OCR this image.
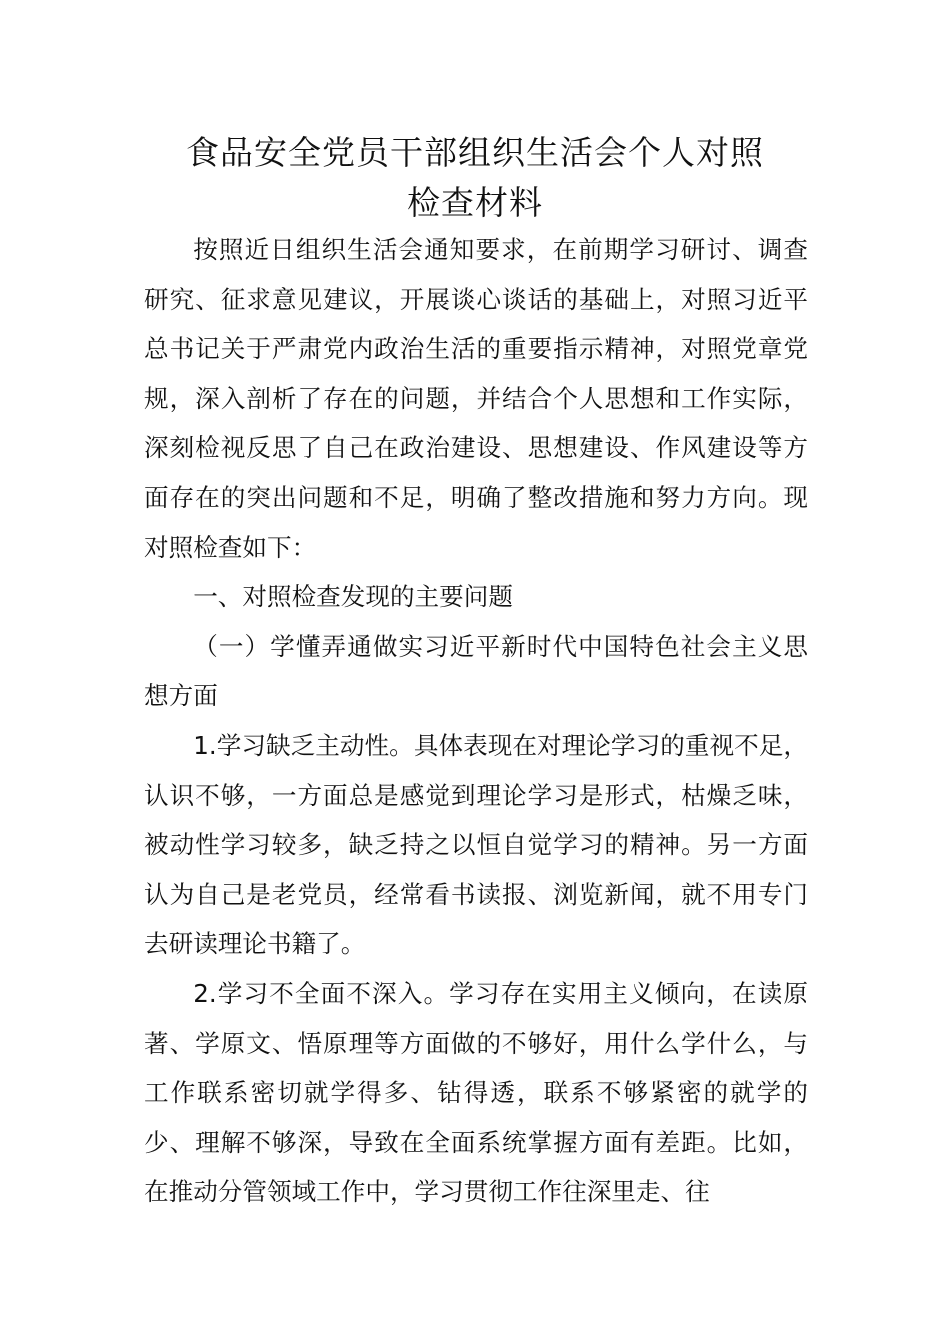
食品安全党员干部组织生活会个人对照
检查材料

按照近日组织生活会通知要求，在前期学习研讨、调查研究、征求意见建议，开展谈心谈话的基础上，对照习近平总书记关于严肃党内政治生活的重要指示精神，对照党章党规，深入剖析了存在的问题，并结合个人思想和工作实际，深刻检视反思了自己在政治建设、思想建设、作风建设等方面存在的突出问题和不足，明确了整改措施和努力方向。现对照检查如下：

一、对照检查发现的主要问题

（一）学懂弄通做实习近平新时代中国特色社会主义思想方面

1.学习缺乏主动性。具体表现在对理论学习的重视不足，认识不够，一方面总是感觉到理论学习是形式，枯燥乏味，被动性学习较多，缺乏持之以恒自觉学习的精神。另一方面认为自己是老党员，经常看书读报、浏览新闻，就不用专门去研读理论书籍了。

2.学习不全面不深入。学习存在实用主义倾向，在读原著、学原文、悟原理等方面做的不够好，用什么学什么，与工作联系密切就学得多、钻得透，联系不够紧密的就学的少、理解不够深，导致在全面系统掌握方面有差距。比如，在推动分管领域工作中，学习贯彻工作往深里走、往
